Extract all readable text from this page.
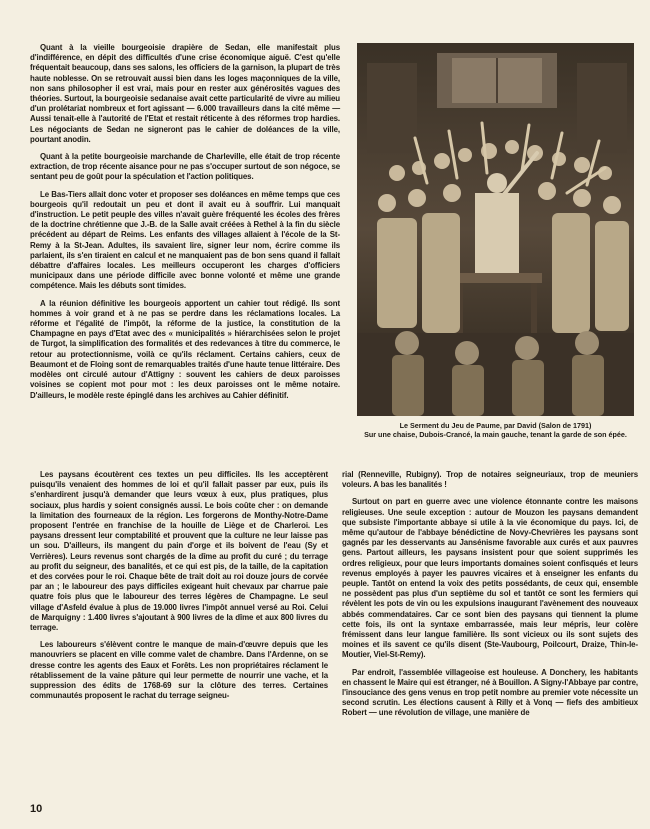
Quant à la vieille bourgeoisie drapière de Sedan, elle manifestait plus d'indifférence, en dépit des difficultés d'une crise économique aiguë. C'est qu'elle fréquentait beaucoup, dans ses salons, les officiers de la garnison, la plupart de très haute noblesse. On se retrouvait aussi bien dans les loges maçonniques de la ville, non sans philosopher il est vrai, mais pour en rester aux générosités vagues des théories. Surtout, la bourgeoisie sedanaise avait cette particularité de vivre au milieu d'un prolétariat nombreux et fort agissant — 6.000 travailleurs dans la cité même — Aussi tenait-elle à l'autorité de l'Etat et restait réticente à des réformes trop hardies. Les négociants de Sedan ne signeront pas le cahier de doléances de la ville, pourtant anodin.

Quant à la petite bourgeoisie marchande de Charleville, elle était de trop récente extraction, de trop récente aisance pour ne pas s'occuper surtout de son négoce, se sentant peu de goût pour la spéculation et l'action politiques.

Le Bas-Tiers allait donc voter et proposer ses doléances en même temps que ces bourgeois qu'il redoutait un peu et dont il avait eu à souffrir. Lui manquait d'instruction. Le petit peuple des villes n'avait guère fréquenté les écoles des frères de la doctrine chrétienne que J.-B. de la Salle avait créées à Rethel à la fin du siècle précédent au départ de Reims. Les enfants des villages allaient à l'école de la St-Remy à la St-Jean. Adultes, ils savaient lire, signer leur nom, écrire comme ils parlaient, ils s'en tiraient en calcul et ne manquaient pas de bon sens quand il fallait débattre d'affaires locales. Les meilleurs occuperont les charges d'officiers municipaux dans une période difficile avec bonne volonté et même une grande compétence. Mais les débuts sont timides.

A la réunion définitive les bourgeois apportent un cahier tout rédigé. Ils sont hommes à voir grand et à ne pas se perdre dans les réclamations locales. La réforme et l'égalité de l'impôt, la réforme de la justice, la constitution de la Champagne en pays d'Etat avec des « municipalités » hiérarchisées selon le projet de Turgot, la simplification des formalités et des redevances à titre du commerce, le retour au protectionnisme, voilà ce qu'ils réclament. Certains cahiers, ceux de Beaumont et de Floing sont de remarquables traités d'une haute tenue littéraire. Des modèles ont circulé autour d'Attigny : souvent les cahiers de deux paroisses voisines se copient mot pour mot : les deux paroisses ont le même notaire. D'ailleurs, le modèle reste épinglé dans les archives au Cahier définitif.

Le Serment du Jeu de Paume, par David (Salon de 1791)
Sur une chaise, Dubois-Crancé, la main gauche, tenant la garde de son épée.

Les paysans écoutèrent ces textes un peu difficiles. Ils les acceptèrent puisqu'ils venaient des hommes de loi et qu'il fallait passer par eux, puis ils s'enhardirent jusqu'à demander que leurs vœux à eux, plus pratiques, plus sociaux, plus hardis y soient consignés aussi. Le bois coûte cher : on demande la limitation des fourneaux de la région. Les forgerons de Monthy-Notre-Dame proposent l'entrée en franchise de la houille de Liège et de Charleroi. Les paysans dressent leur comptabilité et prouvent que la culture ne leur laisse pas un sou. D'ailleurs, ils mangent du pain d'orge et ils boivent de l'eau (Sy et Verrières). Leurs revenus sont chargés de la dîme au profit du curé ; du terrage au profit du seigneur, des banalités, et ce qui est pis, de la taille, de la capitation et des corvées pour le roi. Chaque bête de trait doit au roi douze jours de corvée par an ; le laboureur des pays difficiles exigeant huit chevaux par charrue paie quatre fois plus que le laboureur des terres légères de Champagne. Le seul village d'Asfeld évalue à plus de 19.000 livres l'impôt annuel versé au Roi. Celui de Marquigny : 1.400 livres s'ajoutant à 900 livres de la dîme et aux 800 livres du terrage.

Les laboureurs s'élèvent contre le manque de main-d'œuvre depuis que les manouvriers se placent en ville comme valet de chambre. Dans l'Ardenne, on se dresse contre les agents des Eaux et Forêts. Les non propriétaires réclament le rétablissement de la vaine pâture qui leur permette de nourrir une vache, et la suppression des édits de 1768-69 sur la clôture des terres. Certaines communautés proposent le rachat du terrage seigneu-

rial (Renneville, Rubigny). Trop de notaires seigneuriaux, trop de meuniers voleurs. A bas les banalités !

Surtout on part en guerre avec une violence étonnante contre les maisons religieuses. Une seule exception : autour de Mouzon les paysans demandent que subsiste l'importante abbaye si utile à la vie économique du pays. Ici, de même qu'autour de l'abbaye bénédictine de Novy-Chevrières les paysans sont gagnés par les desservants au Jansénisme favorable aux curés et aux pauvres gens. Partout ailleurs, les paysans insistent pour que soient supprimés les ordres religieux, pour que leurs importants domaines soient confisqués et leurs revenus employés à payer les pauvres vicaires et à enseigner les enfants du peuple. Tantôt on entend la voix des petits possédants, de ceux qui, ensemble ne possèdent pas plus d'un septième du sol et tantôt ce sont les fermiers qui révèlent les pots de vin ou les expulsions inaugurant l'avènement des nouveaux abbés commendataires. Car ce sont bien des paysans qui tiennent la plume cette fois, ils ont la syntaxe embarrassée, mais leur mépris, leur colère frémissent dans leur langue familière. Ils sont vicieux ou ils sont sujets des moines et ils savent ce qu'ils disent (Ste-Vaubourg, Poilcourt, Draize, Thin-le-Moutier, Viel-St-Remy).

Par endroit, l'assemblée villageoise est houleuse. A Donchery, les habitants en chassent le Maire qui est étranger, né à Bouillon. A Signy-l'Abbaye par contre, l'insouciance des gens venus en trop petit nombre au premier vote nécessite un second scrutin. Les élections causent à Rilly et à Vonq — fiefs des ambitieux Robert — une révolution de village, une manière de

10
